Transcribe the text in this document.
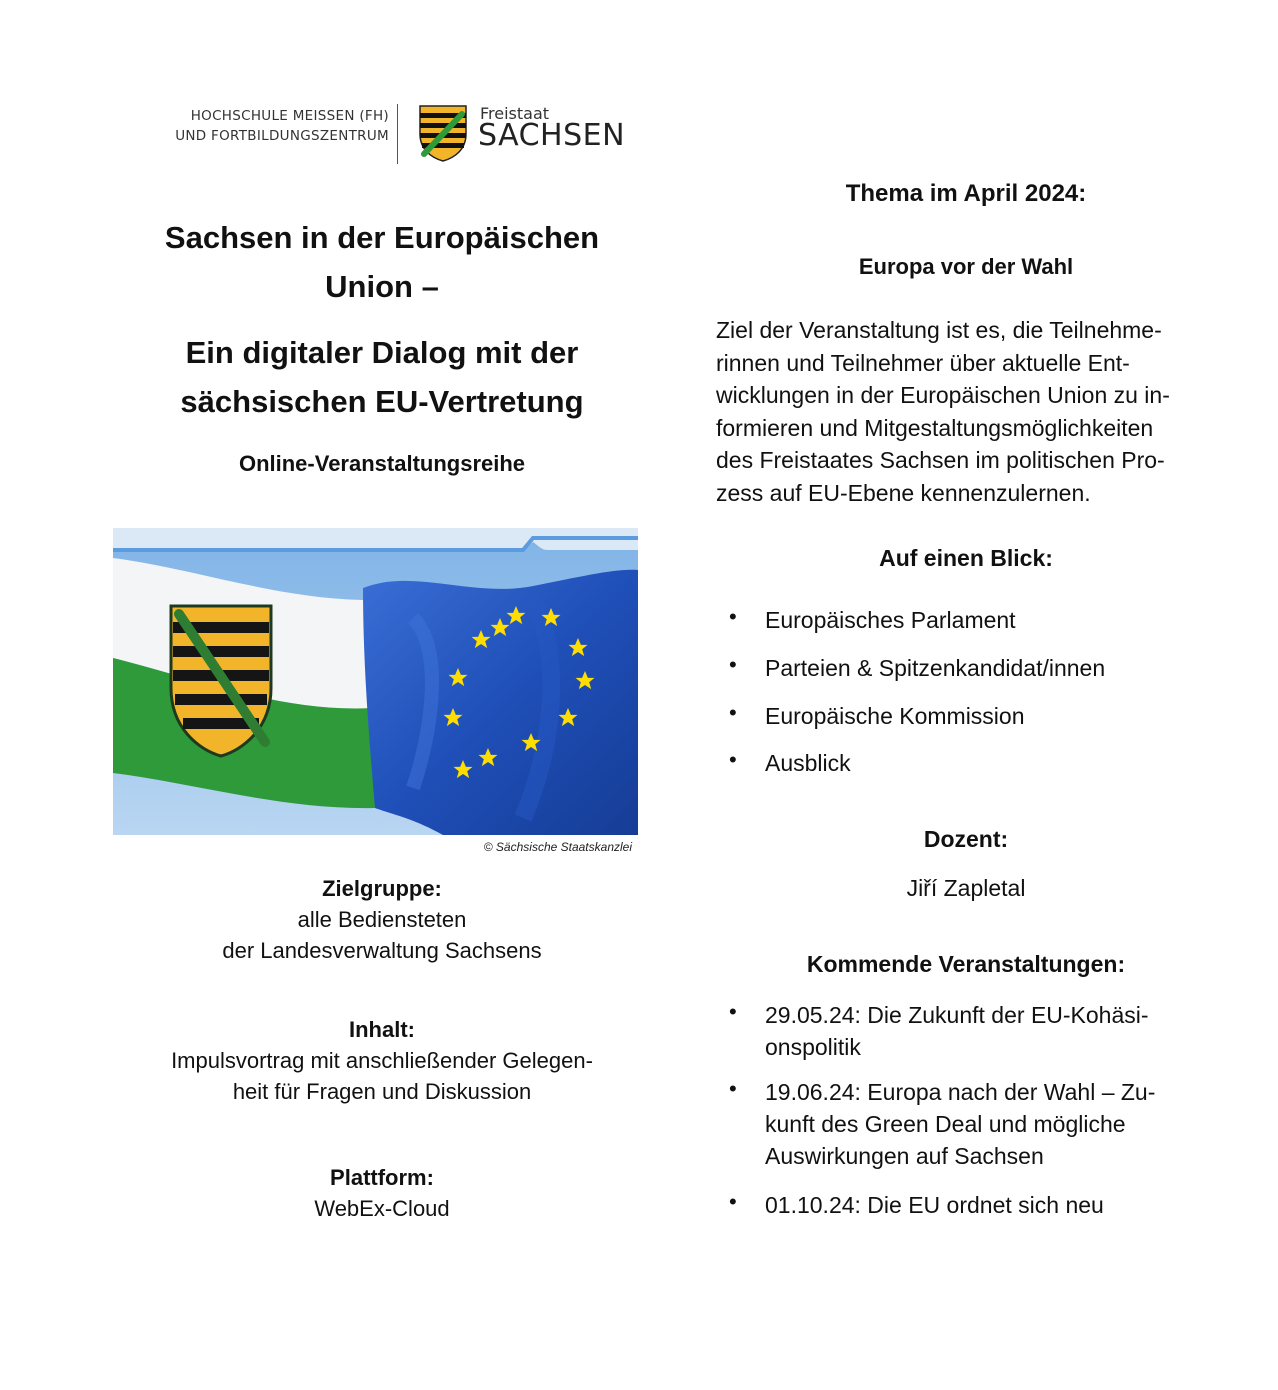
HOCHSCHULE MEISSEN (FH)
UND FORTBILDUNGSZENTRUM
Freistaat
SACHSEN
Sachsen in der Europäischen
Union –
Ein digitaler Dialog mit der
sächsischen EU-Vertretung
Online-Veranstaltungsreihe
© Sächsische Staatskanzlei
Zielgruppe:
alle Bediensteten
der Landesverwaltung Sachsens
Inhalt:
Impulsvortrag mit anschließender Gelegen-
heit für Fragen und Diskussion
Plattform:
WebEx-Cloud
Thema im April 2024:
Europa vor der Wahl
Ziel der Veranstaltung ist es, die Teilnehme-
rinnen und Teilnehmer über aktuelle Ent-
wicklungen in der Europäischen Union zu in-
formieren und Mitgestaltungsmöglichkeiten
des Freistaates Sachsen im politischen Pro-
zess auf EU-Ebene kennenzulernen.
Auf einen Blick:
• Europäisches Parlament
• Parteien & Spitzenkandidat/innen
• Europäische Kommission
• Ausblick
Dozent:
Jiří Zapletal
Kommende Veranstaltungen:
• 29.05.24: Die Zukunft der EU-Kohäsi-
onspolitik
• 19.06.24: Europa nach der Wahl – Zu-
kunft des Green Deal und mögliche
Auswirkungen auf Sachsen
• 01.10.24: Die EU ordnet sich neu
